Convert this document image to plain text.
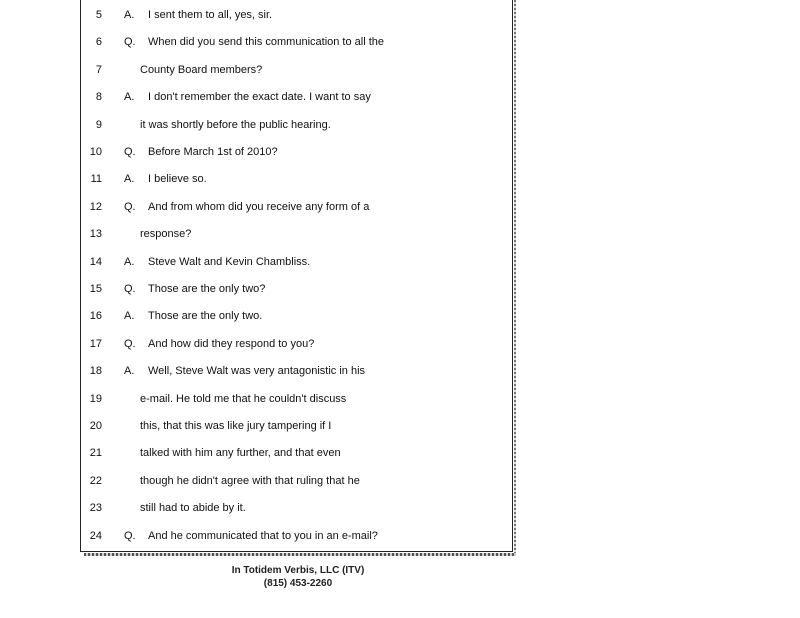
5 A. I sent them to all, yes, sir.
6 Q. When did you send this communication to all the
7	County Board members?
8 A. I don't remember the exact date. I want to say
9	it was shortly before the public hearing.
10 Q. Before March 1st of 2010?
11 A. I believe so.
12 Q. And from whom did you receive any form of a
13	response?
14 A. Steve Walt and Kevin Chambliss.
15 Q. Those are the only two?
16 A. Those are the only two.
17 Q. And how did they respond to you?
18 A. Well, Steve Walt was very antagonistic in his
19	e-mail. He told me that he couldn't discuss
20	this, that this was like jury tampering if I
21	talked with him any further, and that even
22	though he didn't agree with that ruling that he
23	still had to abide by it.
24 Q. And he communicated that to you in an e-mail?
In Totidem Verbis, LLC (ITV)
(815) 453-2260
